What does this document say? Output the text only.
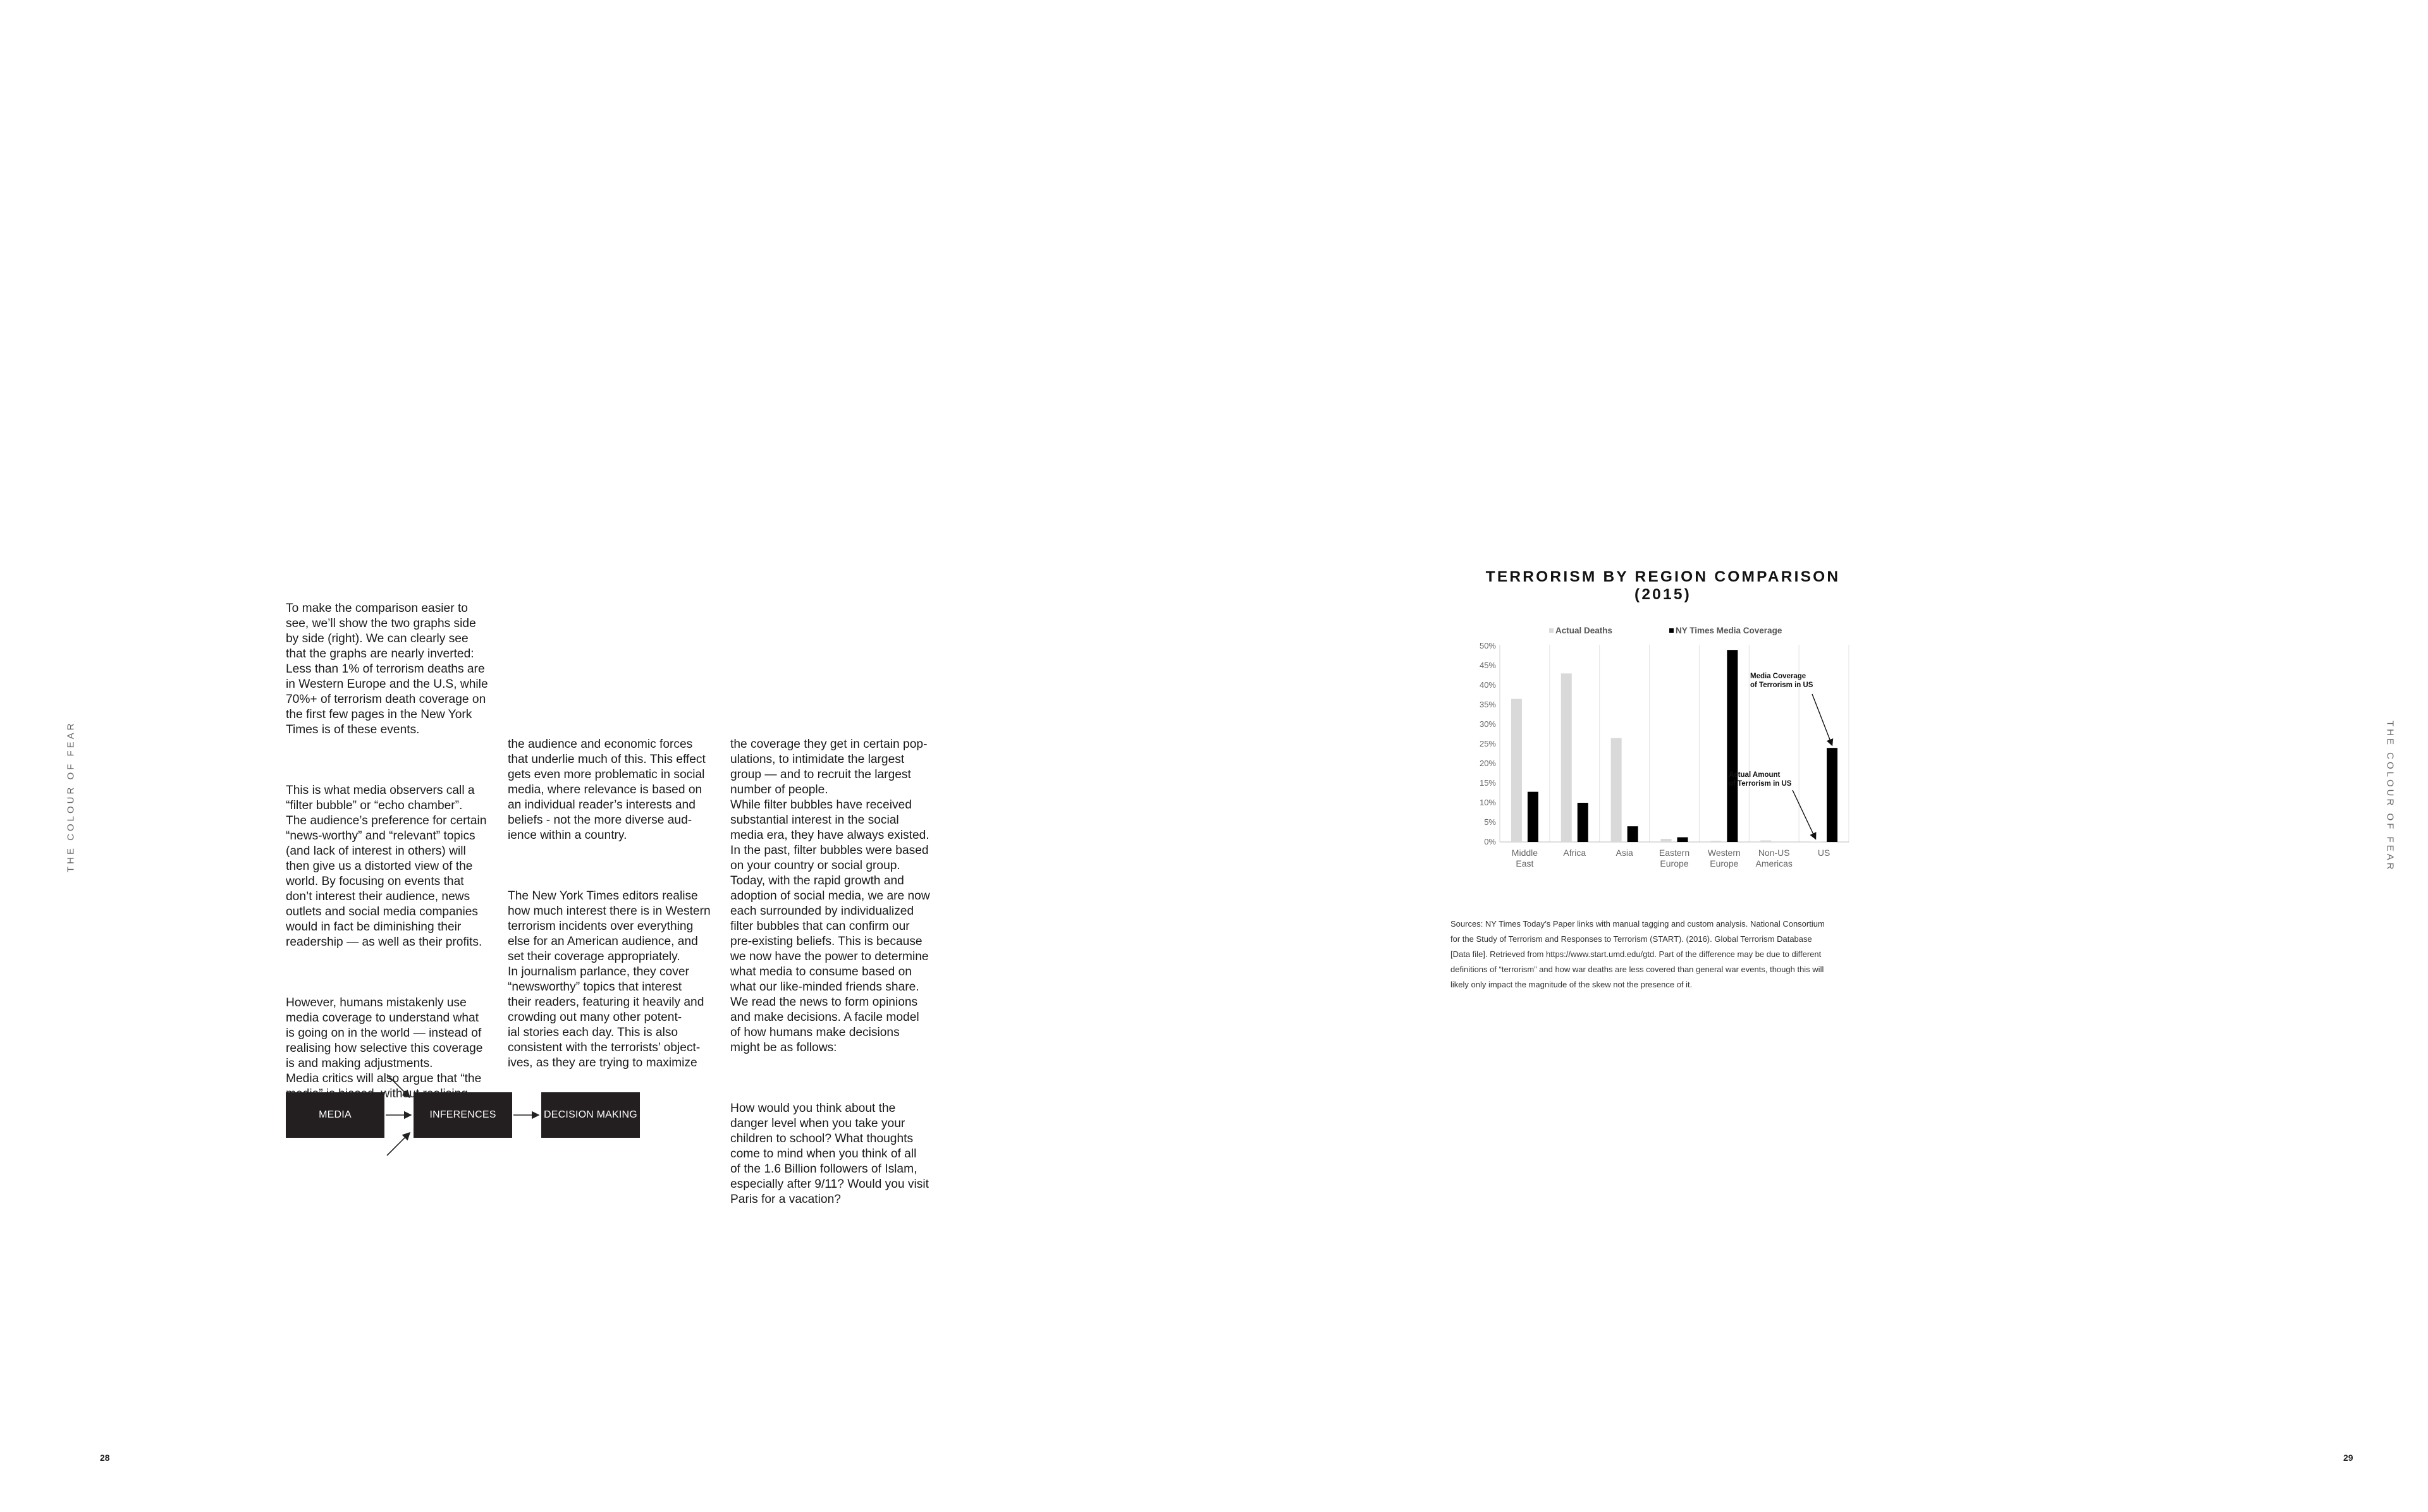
THE COLOUR OF FEAR	THE COLOUR OF FEAR
28	29

To make the comparison easier to
see, we’ll show the two graphs side
by side (right). We can clearly see
that the graphs are nearly inverted:
Less than 1% of terrorism deaths are
in Western Europe and the U.S, while
70%+ of terrorism death coverage on
the first few pages in the New York
Times is of these events.

This is what media observers call a
“filter bubble” or “echo chamber”.
The audience’s preference for certain
“news-worthy” and “relevant” topics
(and lack of interest in others) will
then give us a distorted view of the
world. By focusing on events that
don’t interest their audience, news
outlets and social media companies
would in fact be diminishing their
readership — as well as their profits.

However, humans mistakenly use
media coverage to understand what
is going on in the world — instead of
realising how selective this coverage
is and making adjustments.
Media critics will also argue that “the
without

the audience and economic forces
that underlie much of this. This effect
gets even more problematic in social
media, where relevance is based on
an individual reader’s interests and
beliefs - not the more diverse aud-
ience within a country.

The New York Times editors realise
how much interest there is in Western
terrorism incidents over everything
else for an American audience, and
set their coverage appropriately.
In journalism parlance, they cover
“newsworthy” topics that interest
their readers, featuring it heavily and
crowding out many other potent-
ial stories each day. This is also
consistent with the terrorists’ object-
ives, as they are trying to maximize

the coverage they get in certain pop-
ulations, to intimidate the largest
group — and to recruit the largest
number of people.
While filter bubbles have received
substantial interest in the social
media era, they have always existed.
In the past, filter bubbles were based
on your country or social group.
Today, with the rapid growth and
adoption of social media, we are now
each surrounded by individualized
filter bubbles that can confirm our
pre-existing beliefs. This is because
we now have the power to determine
what media to consume based on
what our like-minded friends share.
We read the news to form opinions
and make decisions. A facile model
of how humans make decisions
might be as follows:

How would you think about the
danger level when you take your
children to school? What thoughts
come to mind when you think of all
of the 1.6 Billion followers of Islam,
especially after 9/11? Would you visit
Paris for a vacation?

MEDIA	INFERENCES	DECISION MAKING
TERRORISM BY REGION COMPARISON
(2015)
Actual Deaths	NY Times Media Coverage
0%
5%
10%
15%
20%
25%
30%
35%
40%
45%
50%
Middle
East
Africa	Asia	Eastern
Europe
Western
Europe
Non-US
Americas
US
Media Coverage
of Terrorism in US
Actual Amount
of Terrorism in US
Sources: NY Times Today’s Paper links with manual tagging and custom analysis. National Consortium
for the Study of Terrorism and Responses to Terrorism (START). (2016). Global Terrorism Database
[Data file]. Retrieved from https://www.start.umd.edu/gtd. Part of the difference may be due to different
definitions of “terrorism” and how war deaths are less covered than general war events, though this will
likely only impact the magnitude of the skew not the presence of it.
